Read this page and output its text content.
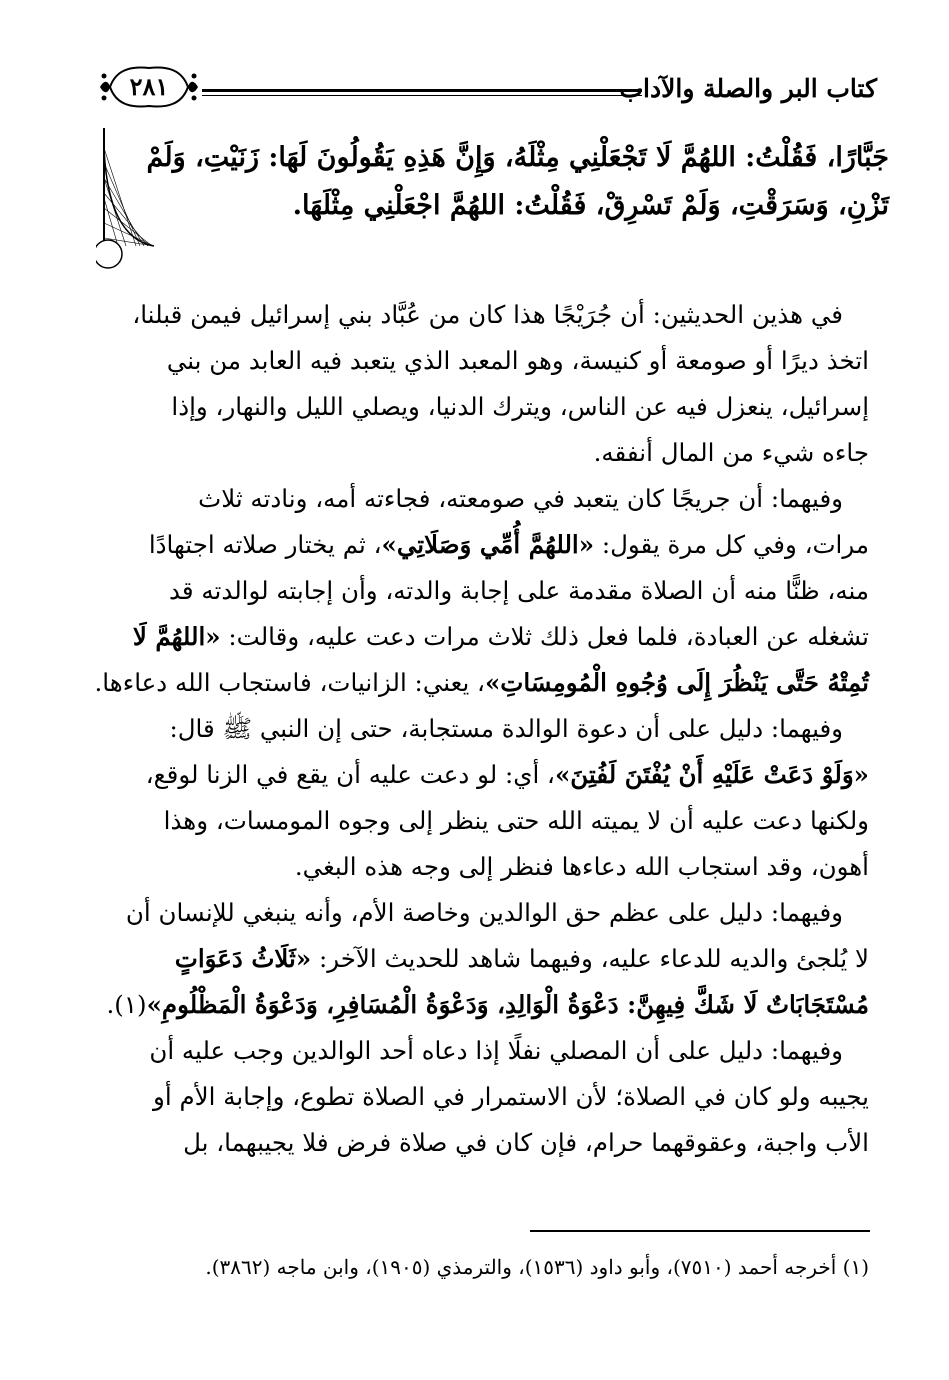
٢٨١	كتاب البر والصلة والآداب
جَبَّارًا، فَقُلْتُ: اللهُمَّ لَا تَجْعَلْنِي مِثْلَهُ، وَإِنَّ هَذِهِ يَقُولُونَ لَهَا: زَنَيْتِ، وَلَمْ
تَزْنِ، وَسَرَقْتِ، وَلَمْ تَسْرِقْ، فَقُلْتُ: اللهُمَّ اجْعَلْنِي مِثْلَهَا.
في هذين الحديثين: أن جُرَيْجًا هذا كان من عُبَّاد بني إسرائيل فيمن قبلنا،
اتخذ ديرًا أو صومعة أو كنيسة، وهو المعبد الذي يتعبد فيه العابد من بني
إسرائيل، ينعزل فيه عن الناس، ويترك الدنيا، ويصلي الليل والنهار، وإذا
جاءه شيء من المال أنفقه.
وفيهما: أن جريجًا كان يتعبد في صومعته، فجاءته أمه، ونادته ثلاث
مرات، وفي كل مرة يقول: «اللهُمَّ أُمِّي وَصَلَاتِي»، ثم يختار صلاته اجتهادًا
منه، ظنًّا منه أن الصلاة مقدمة على إجابة والدته، وأن إجابته لوالدته قد
تشغله عن العبادة، فلما فعل ذلك ثلاث مرات دعت عليه، وقالت: «اللهُمَّ لَا
تُمِتْهُ حَتَّى يَنْظُرَ إِلَى وُجُوهِ الْمُومِسَاتِ»، يعني: الزانيات، فاستجاب الله دعاءها.
وفيهما: دليل على أن دعوة الوالدة مستجابة، حتى إن النبي ﷺ قال:
«وَلَوْ دَعَتْ عَلَيْهِ أَنْ يُفْتَنَ لَفُتِنَ»، أي: لو دعت عليه أن يقع في الزنا لوقع،
ولكنها دعت عليه أن لا يميته الله حتى ينظر إلى وجوه المومسات، وهذا
أهون، وقد استجاب الله دعاءها فنظر إلى وجه هذه البغي.
وفيهما: دليل على عظم حق الوالدين وخاصة الأم، وأنه ينبغي للإنسان أن
لا يُلجئ والديه للدعاء عليه، وفيهما شاهد للحديث الآخر: «ثَلَاثُ دَعَوَاتٍ
مُسْتَجَابَاتٌ لَا شَكَّ فِيهِنَّ: دَعْوَةُ الْوَالِدِ، وَدَعْوَةُ الْمُسَافِرِ، وَدَعْوَةُ الْمَظْلُومِ»(١).
وفيهما: دليل على أن المصلي نفلًا إذا دعاه أحد الوالدين وجب عليه أن
يجيبه ولو كان في الصلاة؛ لأن الاستمرار في الصلاة تطوع، وإجابة الأم أو
الأب واجبة، وعقوقهما حرام، فإن كان في صلاة فرض فلا يجيبهما، بل
(١) أخرجه أحمد (٧٥١٠)، وأبو داود (١٥٣٦)، والترمذي (١٩٠٥)، وابن ماجه (٣٨٦٢).
